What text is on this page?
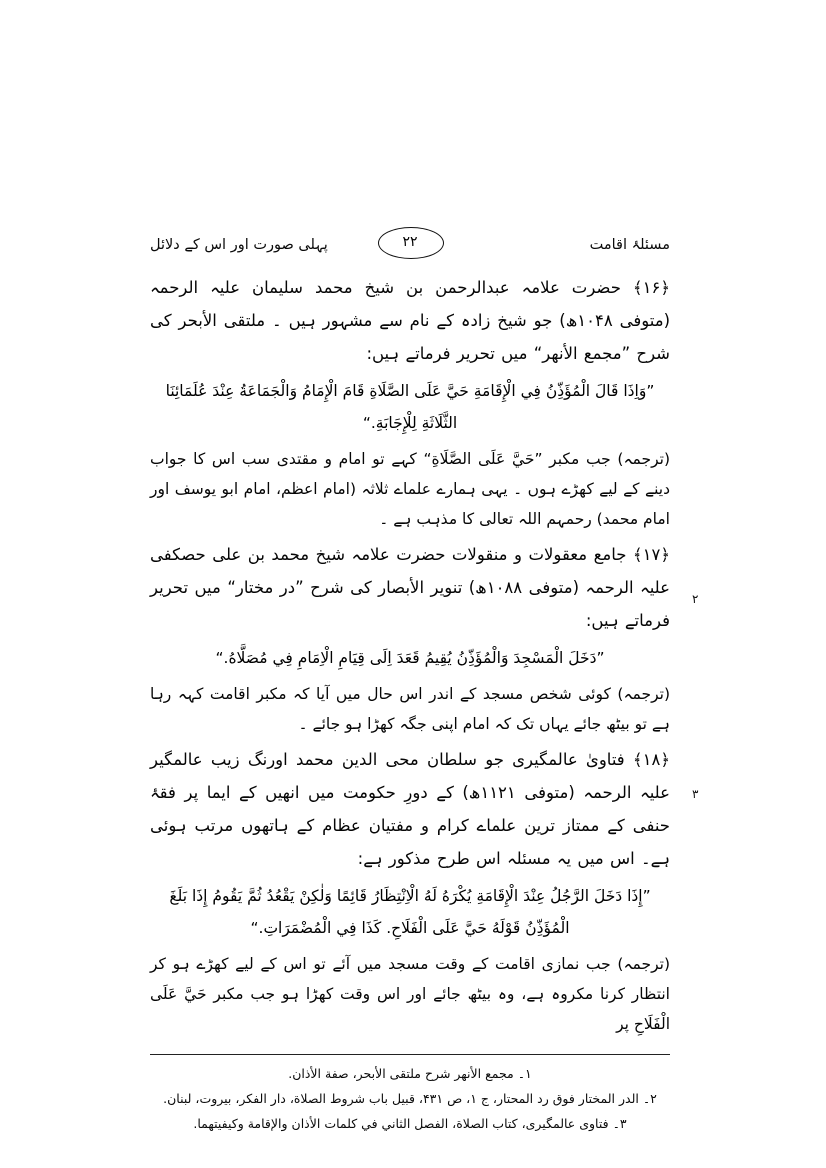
مسئلۂ اقامت
۲۲
پہلی صورت اور اس کے دلائل

﴿۱۶﴾ حضرت علامہ عبدالرحمن بن شیخ محمد سلیمان علیہ الرحمہ (متوفی ۱۰۴۸ھ) جو شیخ زادہ کے نام سے مشہور ہیں ۔ ملتقی الأبحر کی شرح ”مجمع الأنھر“ میں تحریر فرماتے ہیں:

”وَاِذَا قَالَ الْمُؤَذِّنُ فِي الْإِقَامَةِ حَيَّ عَلَى الصَّلَاةِ قَامَ الْإِمَامُ وَالْجَمَاعَةُ عِنْدَ عُلَمَائِنَا الثَّلَاثَةِ لِلْإِجَابَةِ.“

(ترجمہ) جب مکبر ”حَيَّ عَلَى الصَّلَاةِ“ کہے تو امام و مقتدی سب اس کا جواب دینے کے لیے کھڑے ہوں ۔ یہی ہمارے علماے ثلاثہ (امام اعظم، امام ابو یوسف اور امام محمد) رحمہم اللہ تعالی کا مذہب ہے ۔

﴿۱۷﴾ جامع معقولات و منقولات حضرت علامہ شیخ محمد بن علی حصکفی علیہ الرحمہ (متوفی ۱۰۸۸ھ) تنویر الأبصار کی شرح ”در مختار“ میں تحریر فرماتے ہیں:

”دَخَلَ الْمَسْجِدَ وَالْمُؤَذِّنُ يُقِيمُ قَعَدَ اِلَى قِيَامِ الْاِمَامِ فِي مُصَلَّاهُ.“

(ترجمہ) کوئی شخص مسجد کے اندر اس حال میں آیا کہ مکبر اقامت کہہ رہا ہے تو بیٹھ جائے یہاں تک کہ امام اپنی جگہ کھڑا ہو جائے ۔

﴿۱۸﴾ فتاویٰ عالمگیری جو سلطان محی الدین محمد اورنگ زیب عالمگیر علیہ الرحمہ (متوفی ۱۱۲۱ھ) کے دورِ حکومت میں انھیں کے ایما پر فقۂ حنفی کے ممتاز ترین علماے کرام و مفتیان عظام کے ہاتھوں مرتب ہوئی ہے۔ اس میں یہ مسئلہ اس طرح مذکور ہے:

”إِذَا دَخَلَ الرَّجُلُ عِنْدَ الْإِقَامَةِ يُكْرَهُ لَهُ الْاِنْتِظَارُ قَائِمًا وَلٰكِنْ يَقْعُدُ ثُمَّ يَقُومُ إِذَا بَلَغَ الْمُؤَذِّنُ قَوْلَهُ حَيَّ عَلَى الْفَلَاحِ. كَذَا فِي الْمُضْمَرَاتِ.“

(ترجمہ) جب نمازی اقامت کے وقت مسجد میں آئے تو اس کے لیے کھڑے ہو کر انتظار کرنا مکروہ ہے، وہ بیٹھ جائے اور اس وقت کھڑا ہو جب مکبر حَيَّ عَلَى الْفَلَاحِ پر

۱۔ مجمع الأنھر شرح ملتقی الأبحر، صفة الأذان.
۲۔ الدر المختار فوق رد المحتار، ج ۱، ص ۴۳۱، قبیل باب شروط الصلاة، دار الفکر، بیروت، لبنان.
۳۔ فتاوی عالمگیری، کتاب الصلاة، الفصل الثاني في کلمات الأذان والإقامة وکیفیتھما.
۲
۳
